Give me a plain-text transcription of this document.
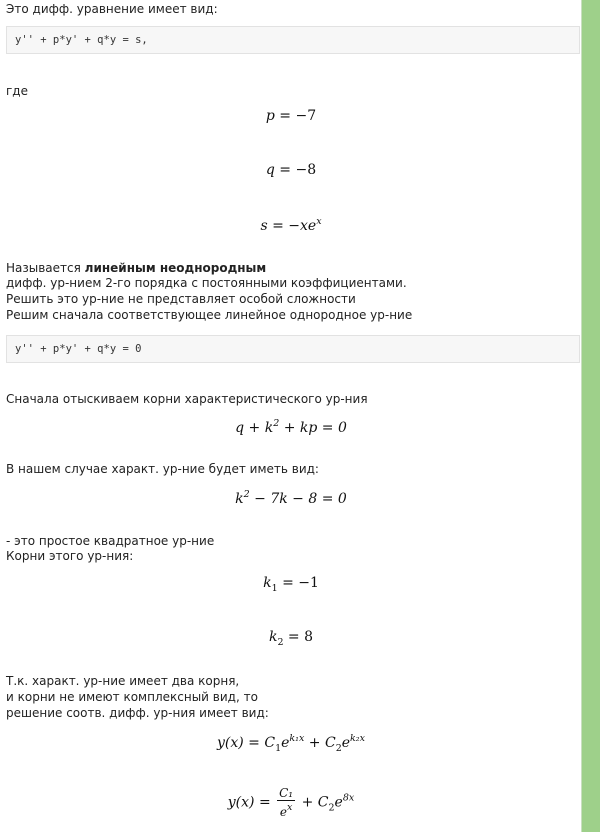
Это дифф. уравнение имеет вид:
y'' + p*y' + q*y = s,
где
p = −7
q = −8
$s = -xe^x$
Называется линейным неоднородным
дифф. ур-нием 2-го порядка с постоянными коэффициентами.
Решить это ур-ние не представляет особой сложности
Решим сначала соответствующее линейное однородное ур-ние
y'' + p*y' + q*y = 0
Сначала отыскиваем корни характеристического ур-ния
$q + k^2$ + kp = 0
В нашем случае характ. ур-ние будет иметь вид:
$k^2 - 7k - 8 = 0$
- это простое квадратное ур-ние
Корни этого ур-ния:
$k_1 = -1$
$k_2 = 8$
Т.к. характ. ур-ние имеет два корня,
и корни не имеют комплексный вид, то
решение соотв. дифф. ур-ния имеет вид:
$y(x) = C_1e^{k_1x} + C_2e^{k_2x}$
$y(x) = \frac{\text{C₁}}{e^x} + C_2e^{8x}$
